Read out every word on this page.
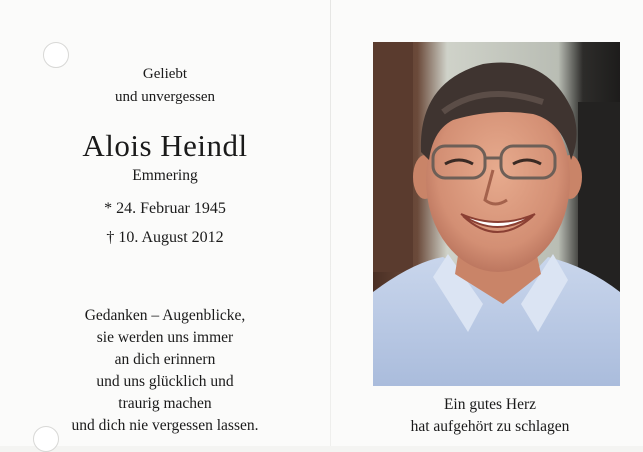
Geliebt
und unvergessen
Alois Heindl
Emmering
* 24. Februar 1945
† 10. August 2012
Gedanken – Augenblicke,
sie werden uns immer
an dich erinnern
und uns glücklich und
traurig machen
und dich nie vergessen lassen.
Ein gutes Herz
hat aufgehört zu schlagen
